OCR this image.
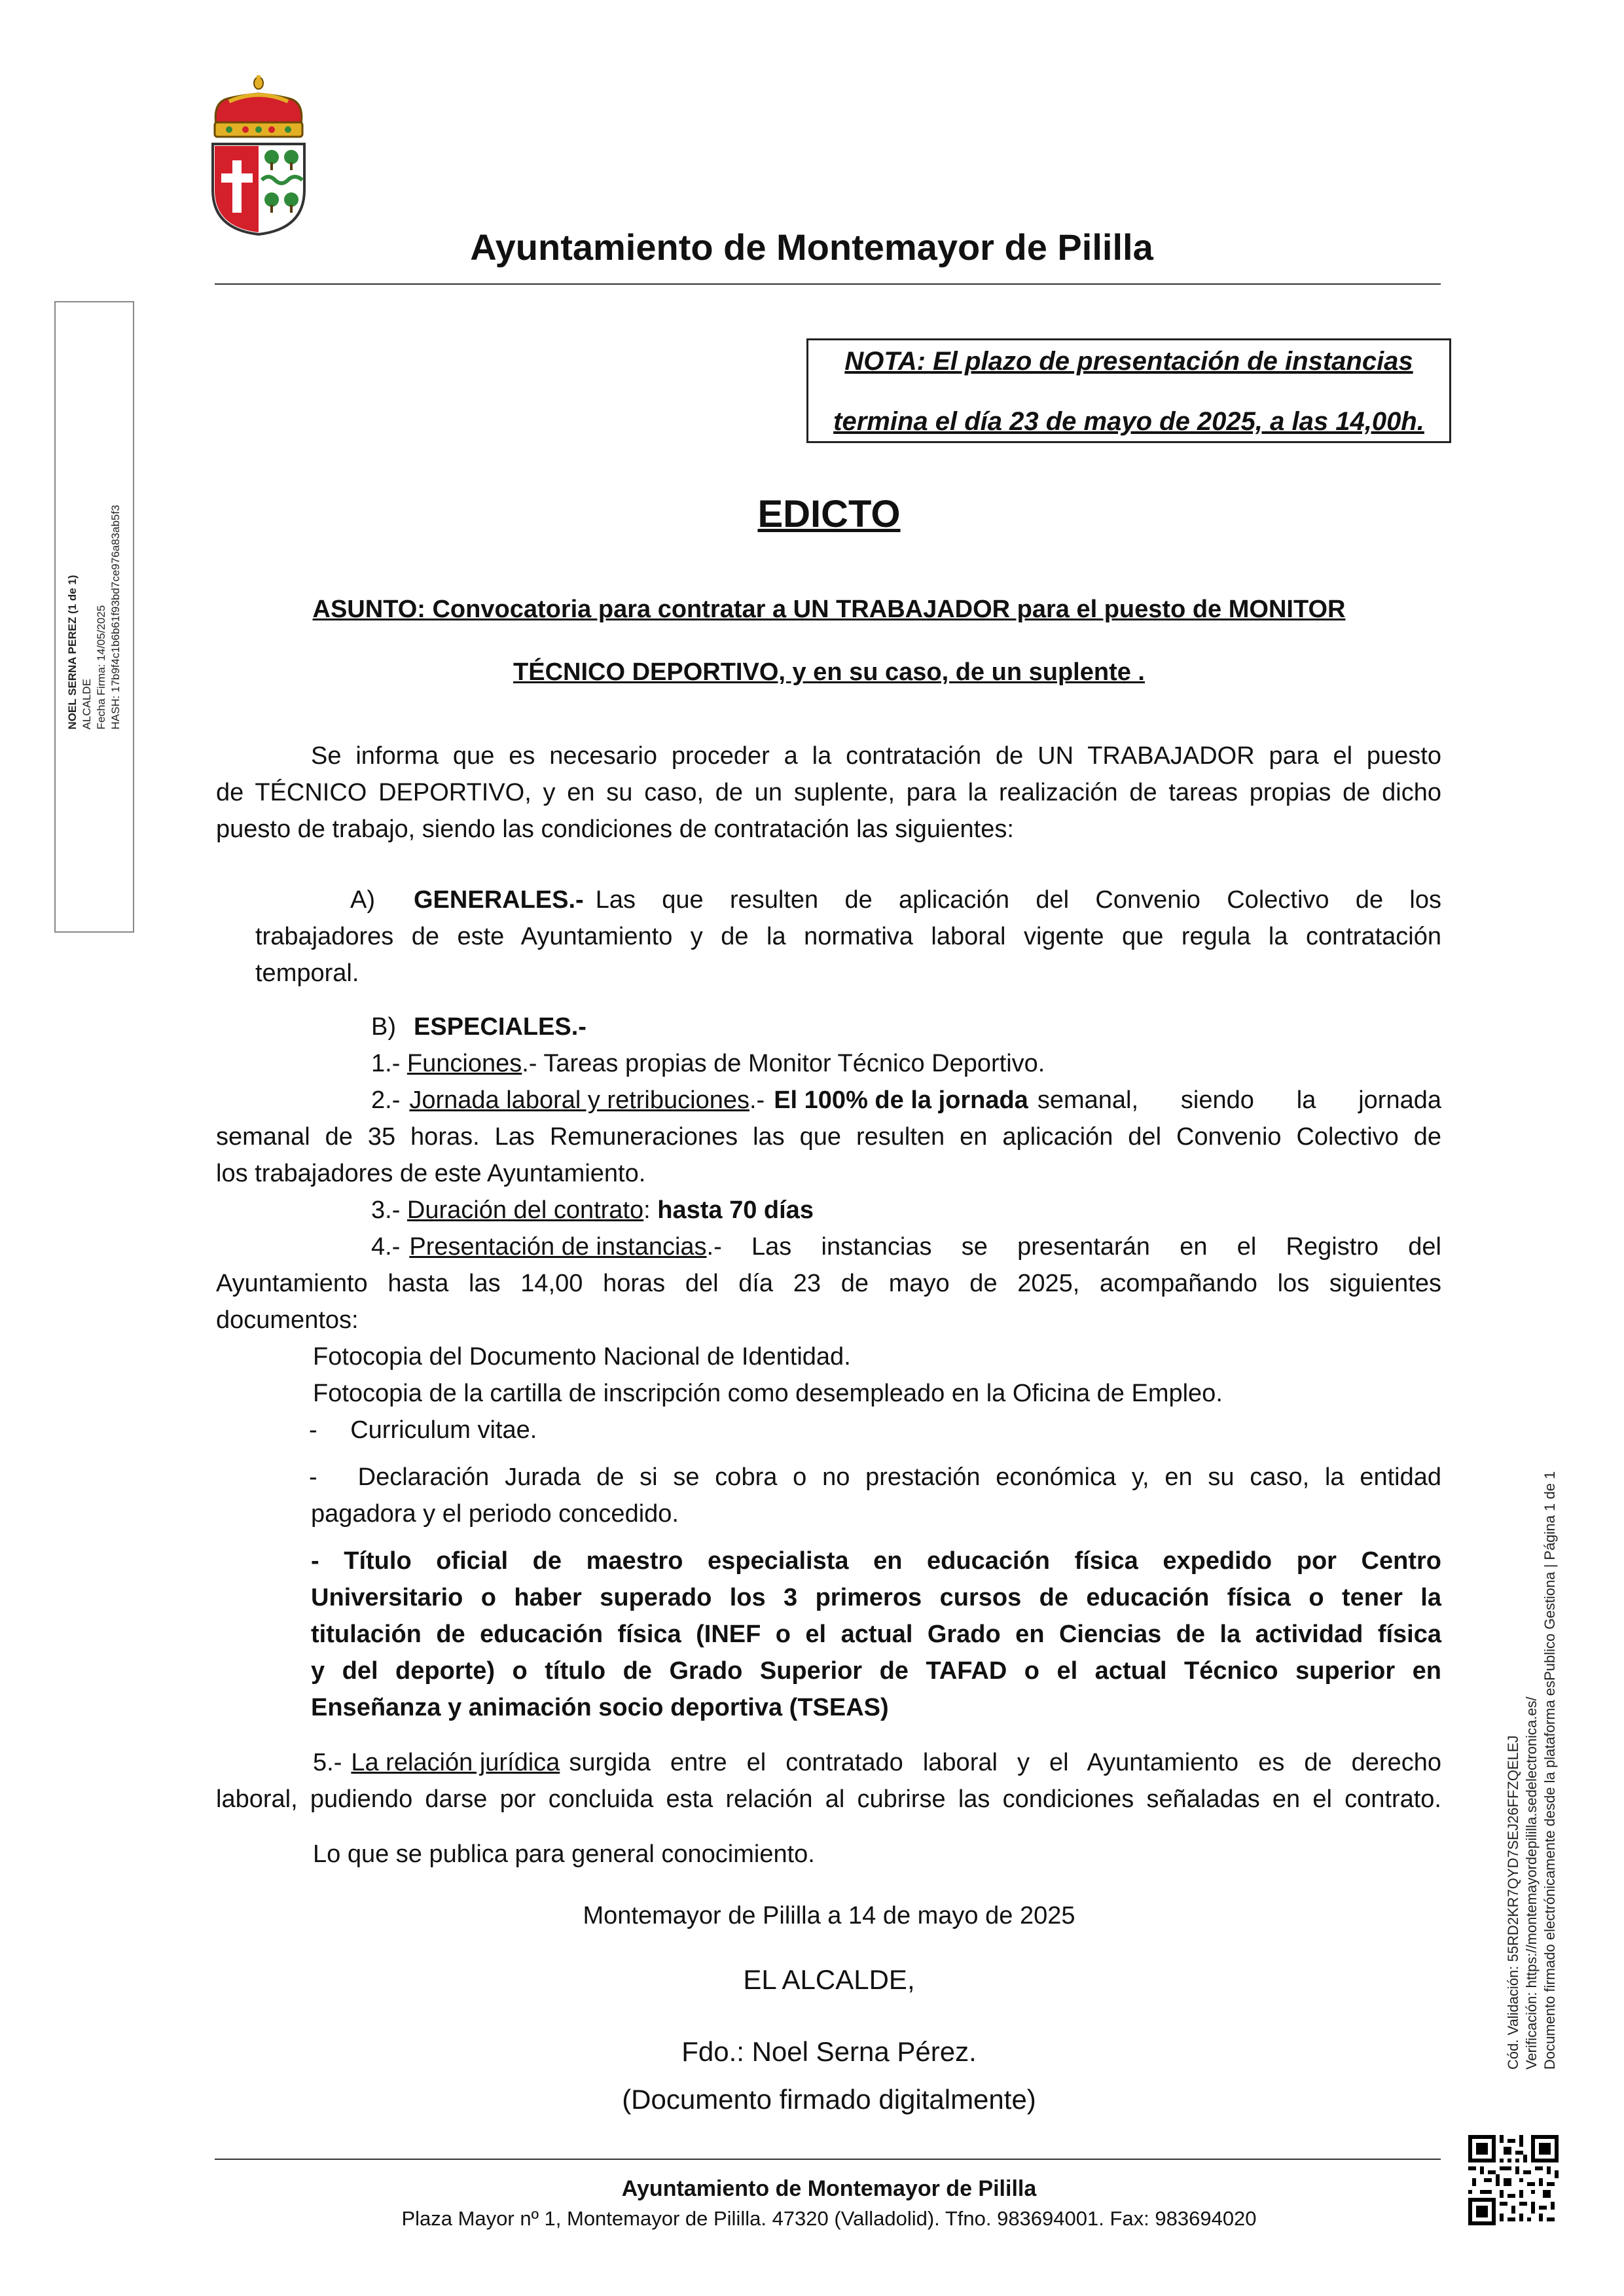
Ayuntamiento de Montemayor de Pililla
NOEL SERNA PEREZ (1 de 1) ALCALDE Fecha Firma: 14/05/2025 HASH: 17b9f4c1b6b61f93bd7ce976a83ab5f3
NOTA: El plazo de presentación de instancias
termina el día 23 de mayo de 2025, a las 14,00h.
EDICTO
ASUNTO: Convocatoria para contratar a UN TRABAJADOR para el puesto de MONITOR
TÉCNICO DEPORTIVO, y en su caso, de un suplente .
Se informa que es necesario proceder a la contratación de UN TRABAJADOR para el puesto
de TÉCNICO DEPORTIVO, y en su caso, de un suplente, para la realización de tareas propias de dicho
puesto de trabajo, siendo las condiciones de contratación las siguientes:
A) GENERALES.- Las que resulten de aplicación del Convenio Colectivo de los
trabajadores de este Ayuntamiento y de la normativa laboral vigente que regula la contratación
temporal.
B) ESPECIALES.-
1.- Funciones.- Tareas propias de Monitor Técnico Deportivo.
2.- Jornada laboral y retribuciones .- El 100% de la jornada semanal, siendo la jornada
semanal de 35 horas. Las Remuneraciones las que resulten en aplicación del Convenio Colectivo de
los trabajadores de este Ayuntamiento.
3.- Duración del contrato: hasta 70 días
4.- Presentación de instancias .- Las instancias se presentarán en el Registro del
Ayuntamiento hasta las 14,00 horas del día 23 de mayo de 2025, acompañando los siguientes
documentos:
Fotocopia del Documento Nacional de Identidad.
Fotocopia de la cartilla de inscripción como desempleado en la Oficina de Empleo.
- Curriculum vitae.
- Declaración Jurada de si se cobra o no prestación económica y, en su caso, la entidad
pagadora y el periodo concedido.
- Título oficial de maestro especialista en educación física expedido por Centro
Universitario o haber superado los 3 primeros cursos de educación física o tener la
titulación de educación física (INEF o el actual Grado en Ciencias de la actividad física
y del deporte) o título de Grado Superior de TAFAD o el actual Técnico superior en
Enseñanza y animación socio deportiva (TSEAS)
5.- La relación jurídica surgida entre el contratado laboral y el Ayuntamiento es de derecho
laboral, pudiendo darse por concluida esta relación al cubrirse las condiciones señaladas en el contrato.
Lo que se publica para general conocimiento.
Montemayor de Pililla a 14 de mayo de 2025
EL ALCALDE,
Fdo.: Noel Serna Pérez.
(Documento firmado digitalmente)
Cód. Validación: 55RD2KR7QYD7SEJ26FFZQELEJ Verificación: https://montemayordepililla.sedelectronica.es/ Documento firmado electrónicamente desde la plataforma esPublico Gestiona | Página 1 de 1
Ayuntamiento de Montemayor de Pililla
Plaza Mayor nº 1, Montemayor de Pililla. 47320 (Valladolid). Tfno. 983694001. Fax: 983694020
